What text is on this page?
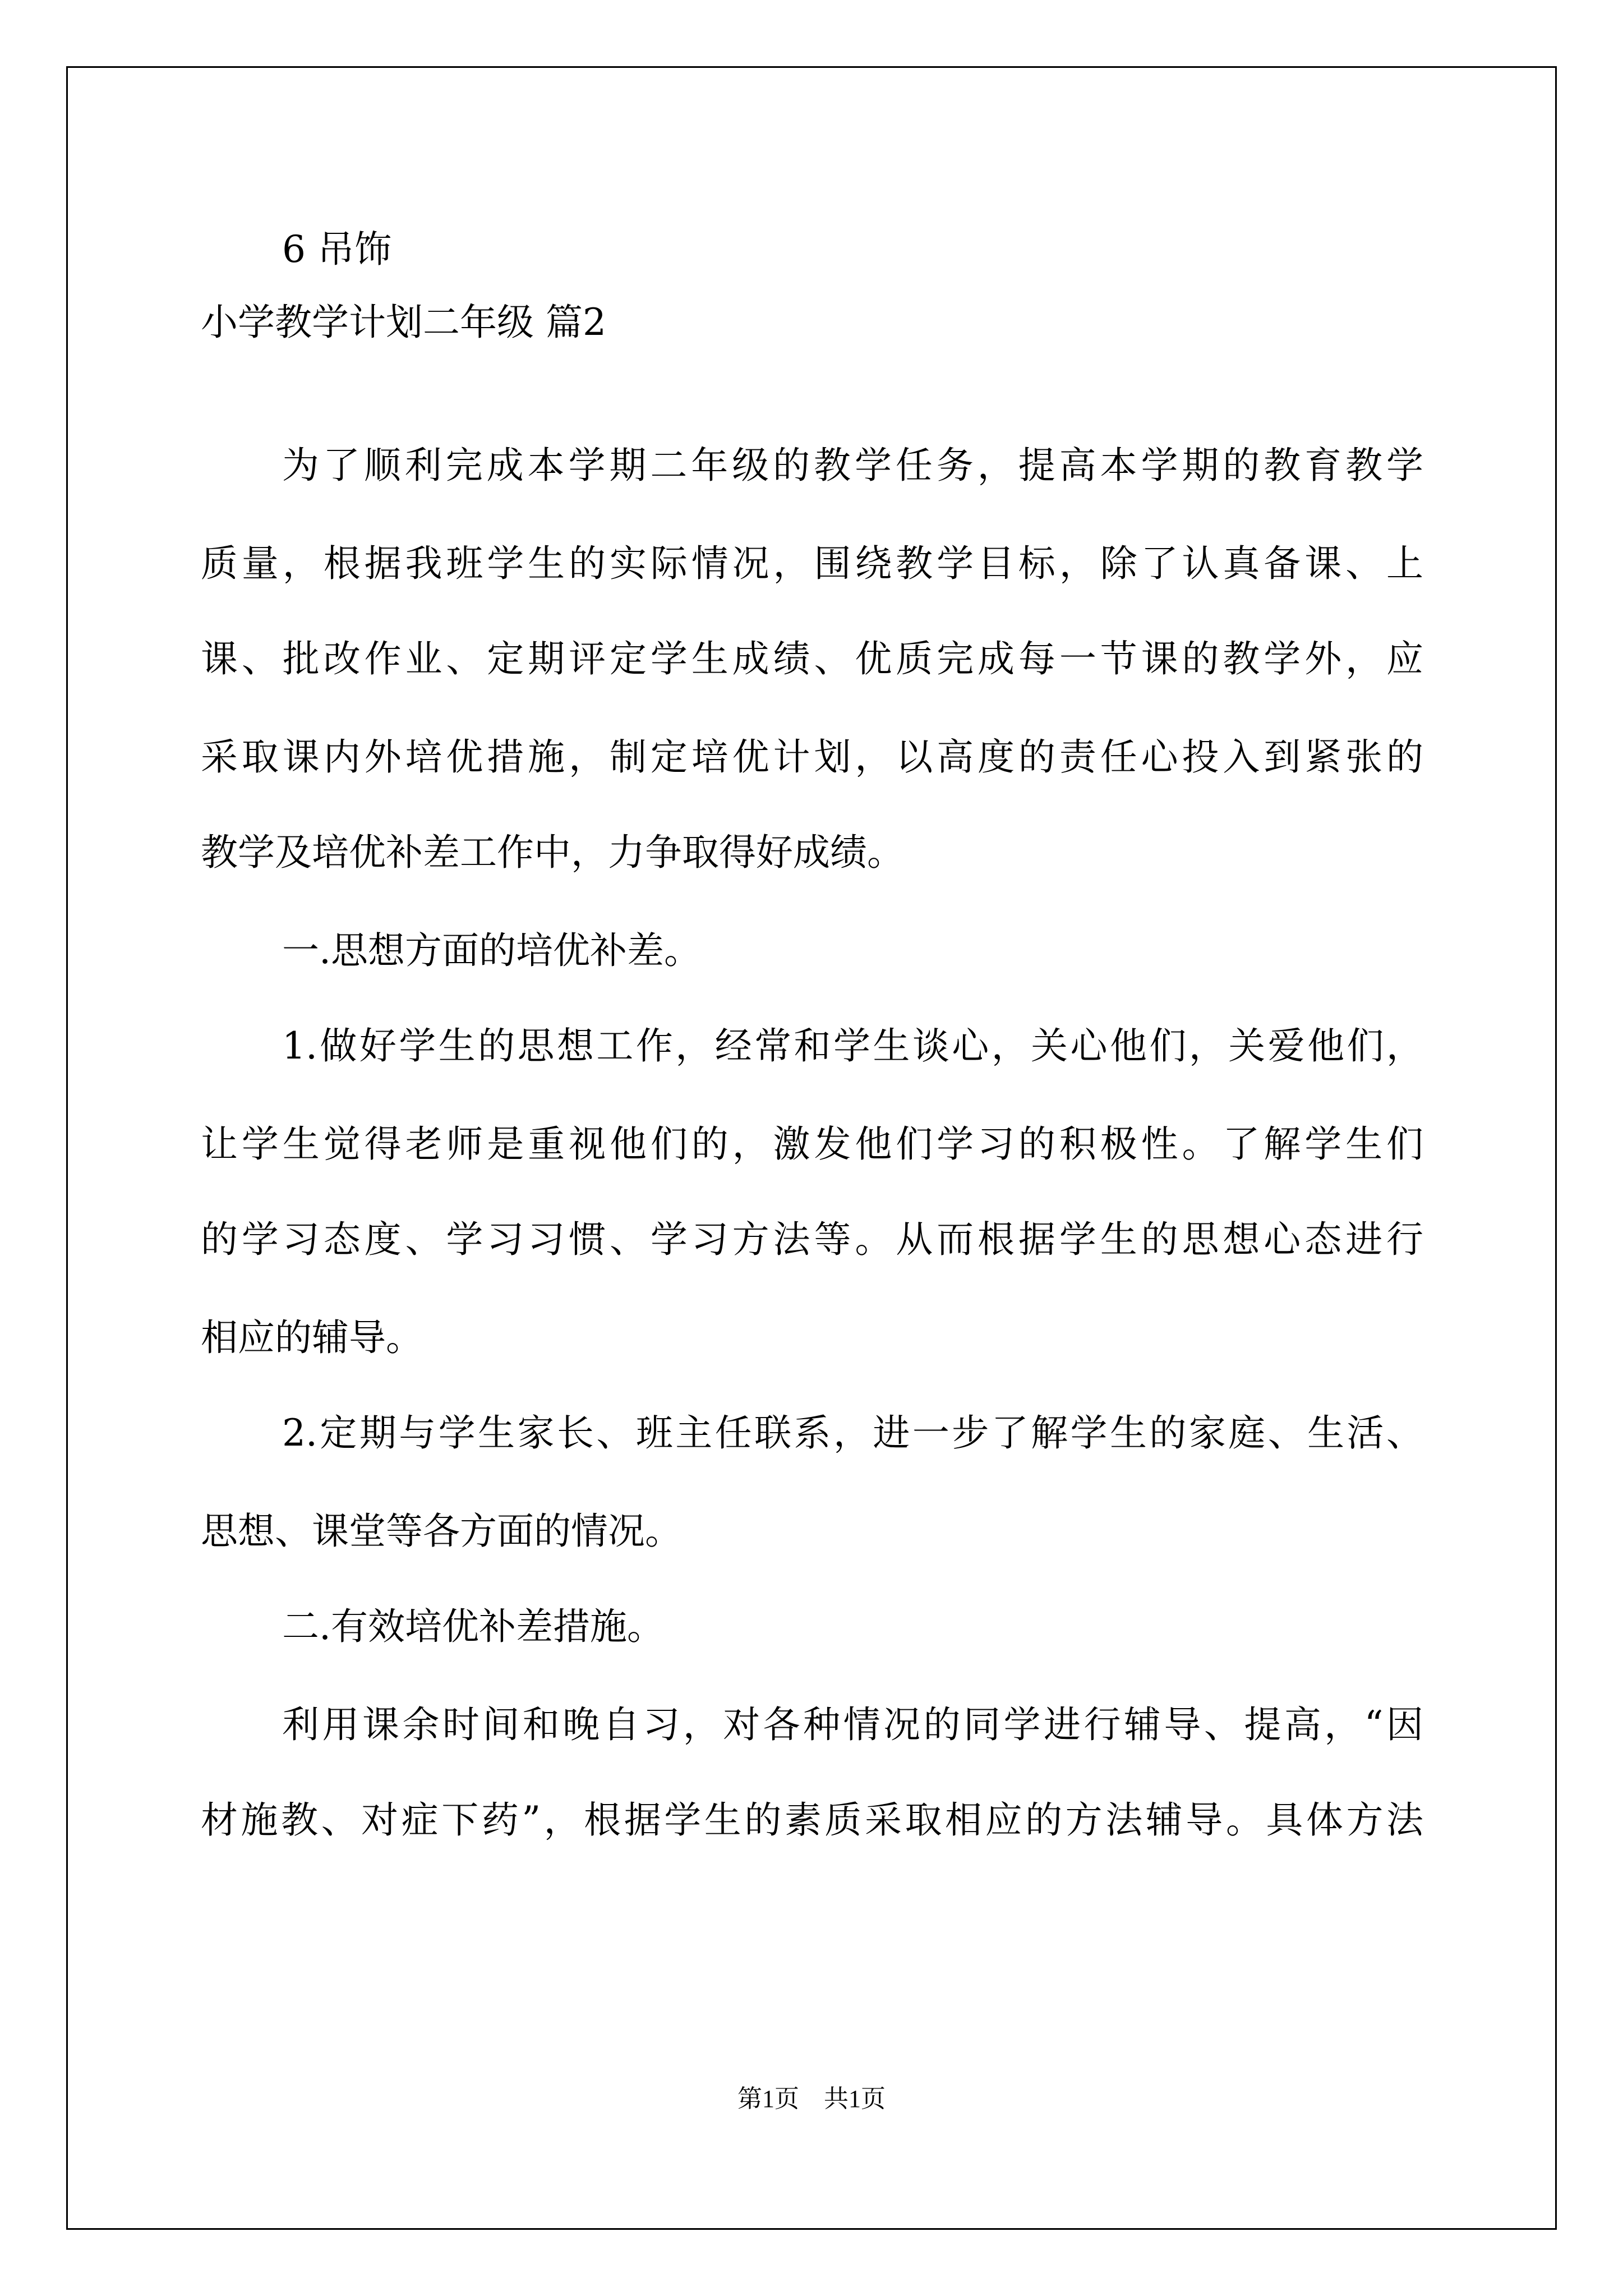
6 吊饰
小学教学计划二年级 篇2
为了顺利完成本学期二年级的教学任务，提高本学期的教育教学
质量，根据我班学生的实际情况，围绕教学目标，除了认真备课、上
课、批改作业、定期评定学生成绩、优质完成每一节课的教学外，应
采取课内外培优措施，制定培优计划，以高度的责任心投入到紧张的
教学及培优补差工作中，力争取得好成绩。
一.思想方面的培优补差。
1.做好学生的思想工作，经常和学生谈心，关心他们，关爱他们，
让学生觉得老师是重视他们的，激发他们学习的积极性。了解学生们
的学习态度、学习习惯、学习方法等。从而根据学生的思想心态进行
相应的辅导。
2.定期与学生家长、班主任联系，进一步了解学生的家庭、生活、
思想、课堂等各方面的情况。
二.有效培优补差措施。
利用课余时间和晚自习，对各种情况的同学进行辅导、提高，“因
材施教、对症下药”，根据学生的素质采取相应的方法辅导。具体方法
第1页　共1页
